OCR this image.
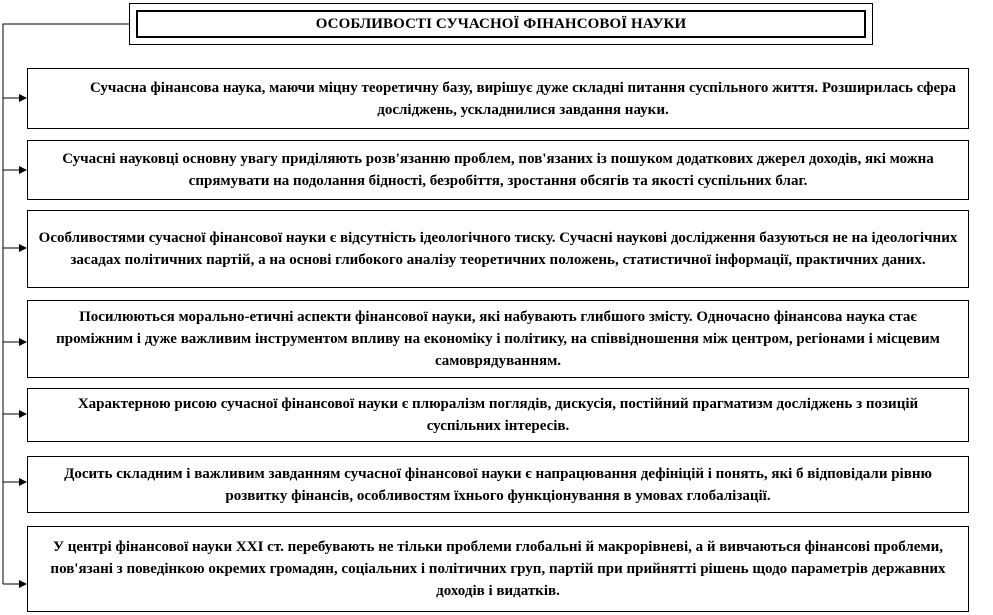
ОСОБЛИВОСТІ СУЧАСНОЇ ФІНАНСОВОЇ НАУКИ
Сучасна фінансова наука, маючи міцну теоретичну базу, вирішує дуже складні питання суспільного життя. Розширилась сфера досліджень, ускладнилися завдання науки.
Сучасні науковці основну увагу приділяють розв'язанню проблем, пов'язаних із пошуком додаткових джерел доходів, які можна спрямувати на подолання бідності, безробіття, зростання обсягів та якості суспільних благ.
Особливостями сучасної фінансової науки є відсутність ідеологічного тиску. Сучасні наукові дослідження базуються не на ідеологічних засадах політичних партій, а на основі глибокого аналізу теоретичних положень, статистичної інформації, практичних даних.
Посилюються морально-етичні аспекти фінансової науки, які набувають глибшого змісту. Одночасно фінансова наука стає проміжним і дуже важливим інструментом впливу на економіку і політику, на співвідношення між центром, регіонами і місцевим самоврядуванням.
Характерною рисою сучасної фінансової науки є плюралізм поглядів, дискусія, постійний прагматизм досліджень з позицій суспільних інтересів.
Досить складним і важливим завданням сучасної фінансової науки є напрацювання дефініцій і понять, які б відповідали рівню розвитку фінансів, особливостям їхнього функціонування в умовах глобалізації.
У центрі фінансової науки XXI ст. перебувають не тільки проблеми глобальні й макрорівневі, а й вивчаються фінансові проблеми, пов'язані з поведінкою окремих громадян, соціальних і політичних груп, партій при прийнятті рішень щодо параметрів державних доходів і видатків.
